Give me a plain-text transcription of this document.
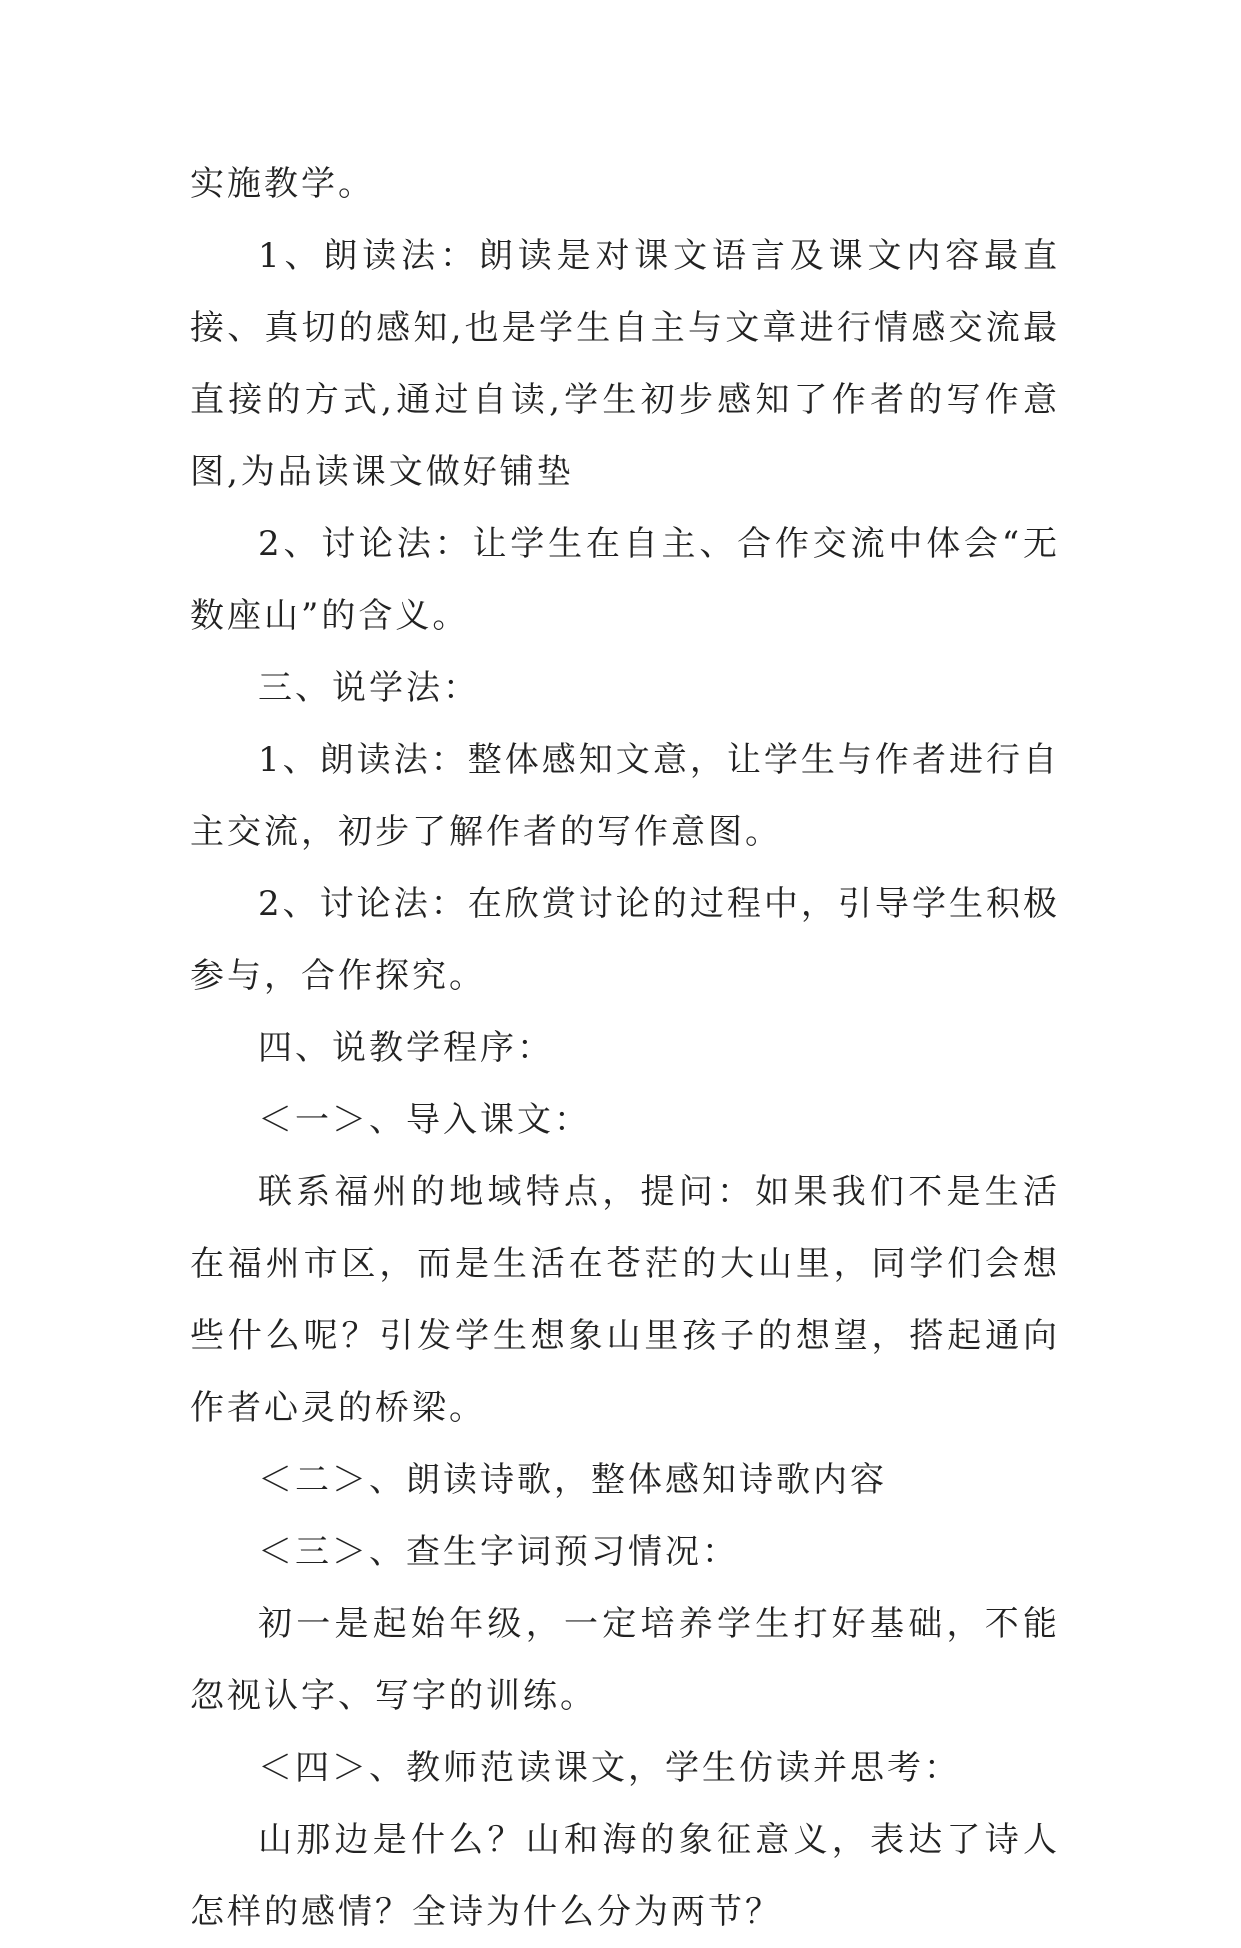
实施教学。

1、朗读法：朗读是对课文语言及课文内容最直接、真切的感知,也是学生自主与文章进行情感交流最直接的方式,通过自读,学生初步感知了作者的写作意图,为品读课文做好铺垫

2、讨论法：让学生在自主、合作交流中体会“无数座山”的含义。

三、说学法：

1、朗读法：整体感知文意，让学生与作者进行自主交流，初步了解作者的写作意图。

2、讨论法：在欣赏讨论的过程中，引导学生积极参与，合作探究。

四、说教学程序：

＜一＞、导入课文：

联系福州的地域特点，提问：如果我们不是生活在福州市区，而是生活在苍茫的大山里，同学们会想些什么呢？引发学生想象山里孩子的想望，搭起通向作者心灵的桥梁。

＜二＞、朗读诗歌，整体感知诗歌内容

＜三＞、查生字词预习情况：

初一是起始年级，一定培养学生打好基础，不能忽视认字、写字的训练。

＜四＞、教师范读课文，学生仿读并思考：

山那边是什么？山和海的象征意义，表达了诗人怎样的感情？全诗为什么分为两节？
